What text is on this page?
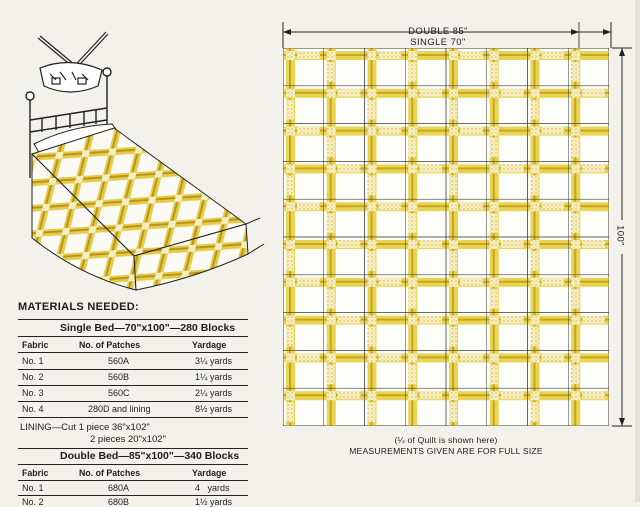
DOUBLE 85"
SINGLE 70"
100"
(¼ of Quilt is shown here)
MEASUREMENTS GIVEN ARE FOR FULL SIZE
MATERIALS NEEDED:
Single Bed—70"x100"—280 Blocks
Fabric	No. of Patches	Yardage
No. 1	560A	3¼ yards
No. 2	560B	1¼ yards
No. 3	560C	2¼ yards
No. 4	280D and lining	8½ yards
LINING—Cut 1 piece 36"x102"
2 pieces 20"x102"
Double Bed—85"x100"—340 Blocks
Fabric	No. of Patches	Yardage
No. 1	680A	4   yards
No. 2	680B	1½ yards
